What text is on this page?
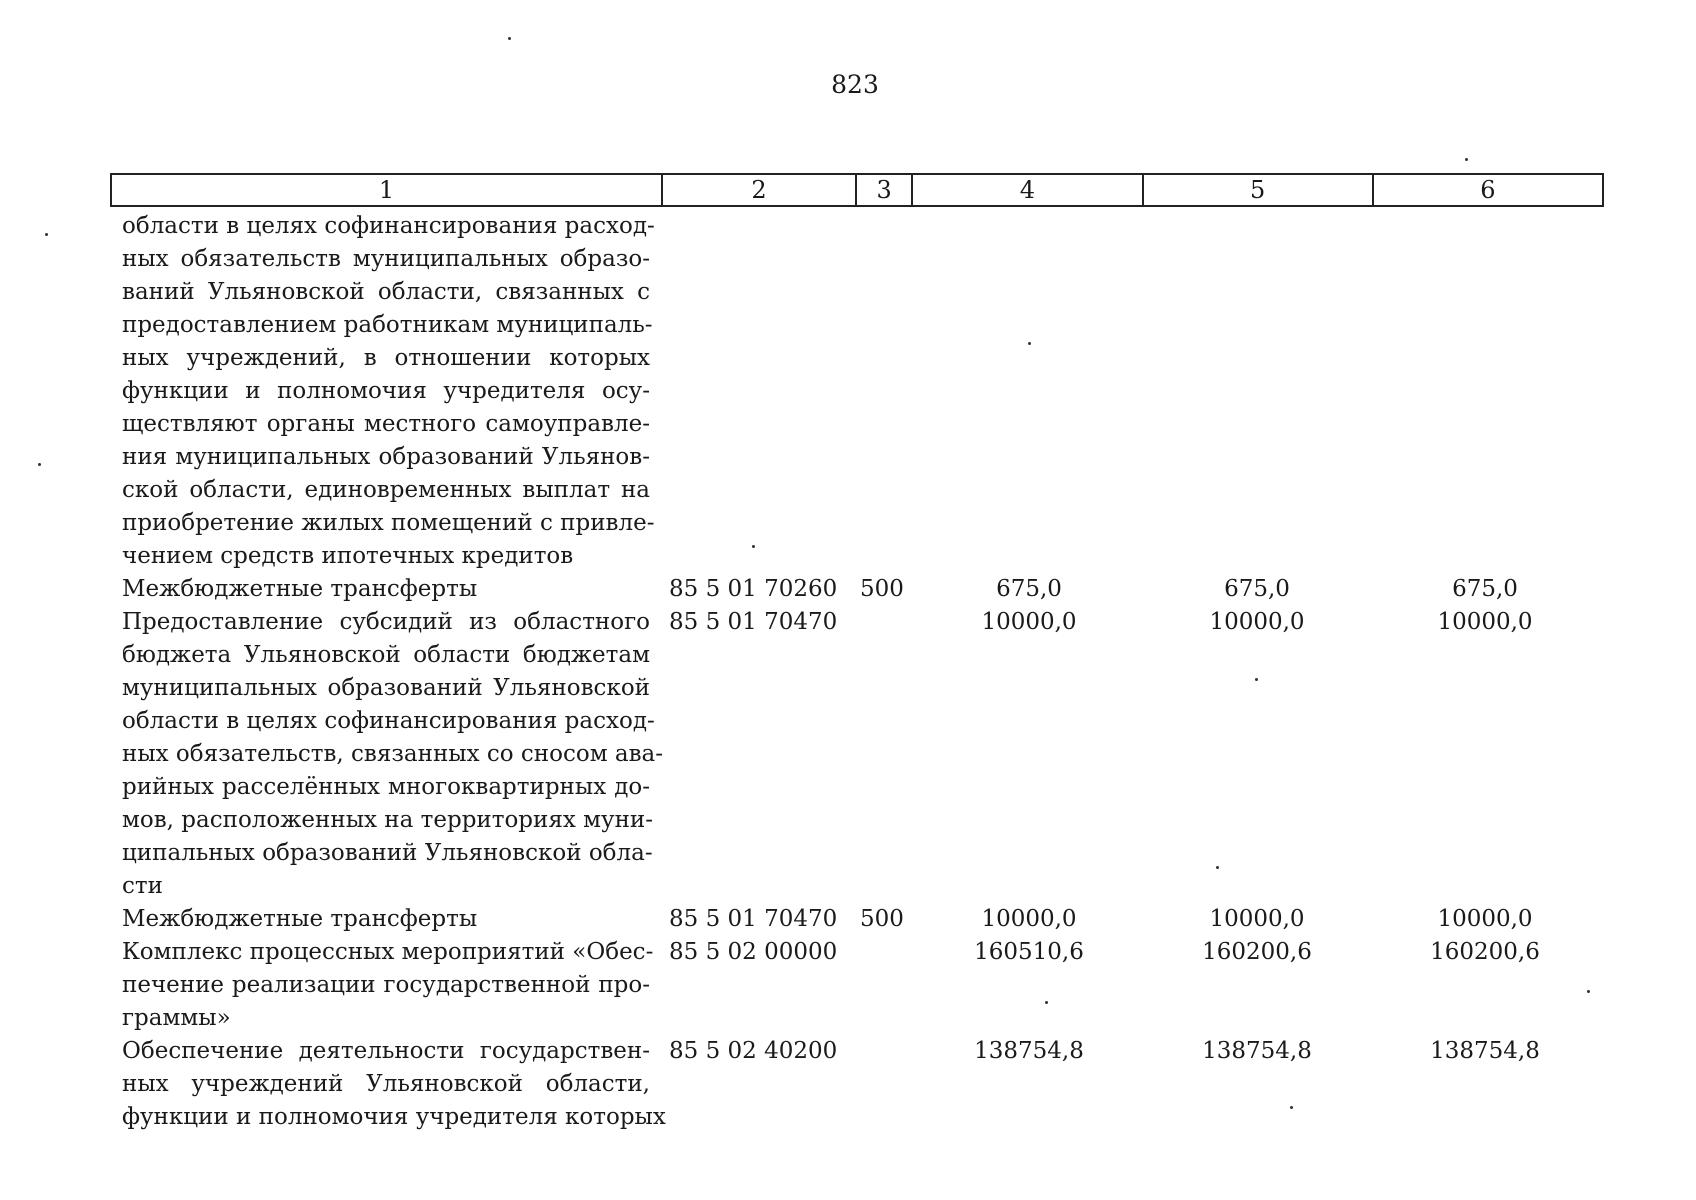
823
1	2	3	4	5	6
области в целях софинансирования расход-
ных обязательств муниципальных образо-
ваний Ульяновской области, связанных с
предоставлением работникам муниципаль-
ных учреждений, в отношении которых
функции и полномочия учредителя осу-
ществляют органы местного самоуправле-
ния муниципальных образований Ульянов-
ской области, единовременных выплат на
приобретение жилых помещений с привле-
чением средств ипотечных кредитов
Межбюджетные трансферты	85 5 01 70260 500	675,0	675,0	675,0
Предоставление субсидий из областного
бюджета Ульяновской области бюджетам
муниципальных образований Ульяновской
области в целях софинансирования расход-
ных обязательств, связанных со сносом ава-
рийных расселённых многоквартирных до-
мов, расположенных на территориях муни-
ципальных образований Ульяновской обла-
сти
85 5 01 70470	10000,0	10000,0	10000,0
Межбюджетные трансферты	85 5 01 70470 500	10000,0	10000,0	10000,0
Комплекс процессных мероприятий «Обес-
печение реализации государственной про-
граммы»
85 5 02 00000	160510,6	160200,6	160200,6
Обеспечение деятельности государствен-
ных учреждений Ульяновской области,
функции и полномочия учредителя которых
85 5 02 40200	138754,8	138754,8	138754,8
